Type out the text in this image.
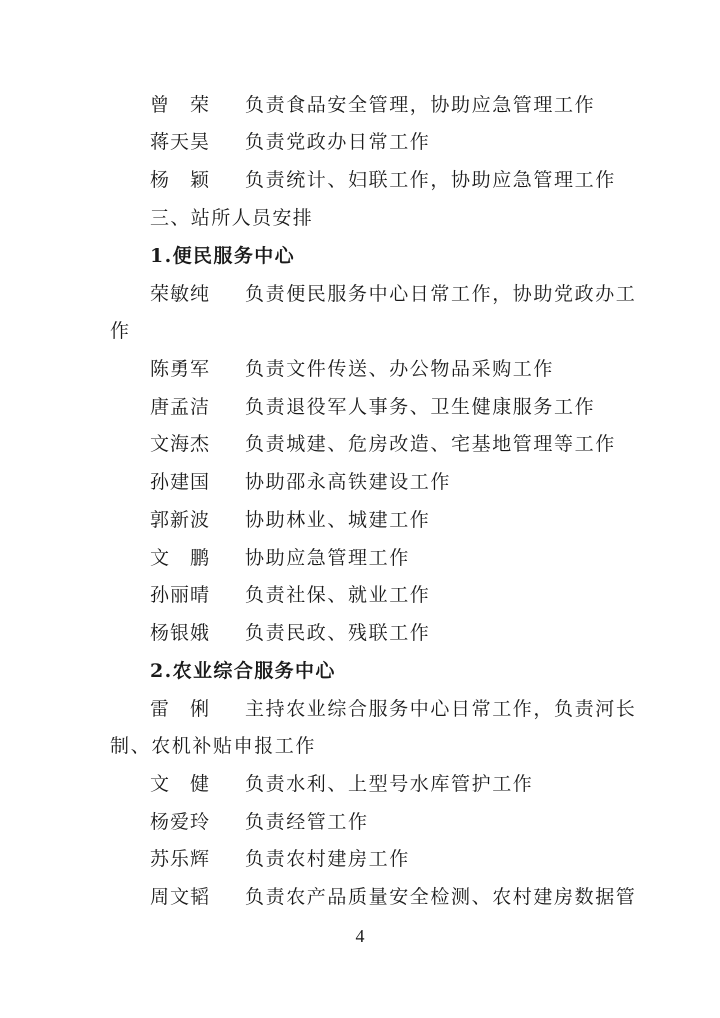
曾　荣 负责食品安全管理，协助应急管理工作
蒋天昊 负责党政办日常工作
杨　颖 负责统计、妇联工作，协助应急管理工作
三、站所人员安排
1.便民服务中心
荣敏纯 负责便民服务中心日常工作，协助党政办工
作
陈勇军 负责文件传送、办公物品采购工作
唐孟洁 负责退役军人事务、卫生健康服务工作
文海杰 负责城建、危房改造、宅基地管理等工作
孙建国 协助邵永高铁建设工作
郭新波 协助林业、城建工作
文　鹏 协助应急管理工作
孙丽晴 负责社保、就业工作
杨银娥 负责民政、残联工作
2.农业综合服务中心
雷　俐 主持农业综合服务中心日常工作，负责河长
制、农机补贴申报工作
文　健 负责水利、上型号水库管护工作
杨爱玲 负责经管工作
苏乐辉 负责农村建房工作
周文韬 负责农产品质量安全检测、农村建房数据管
4
